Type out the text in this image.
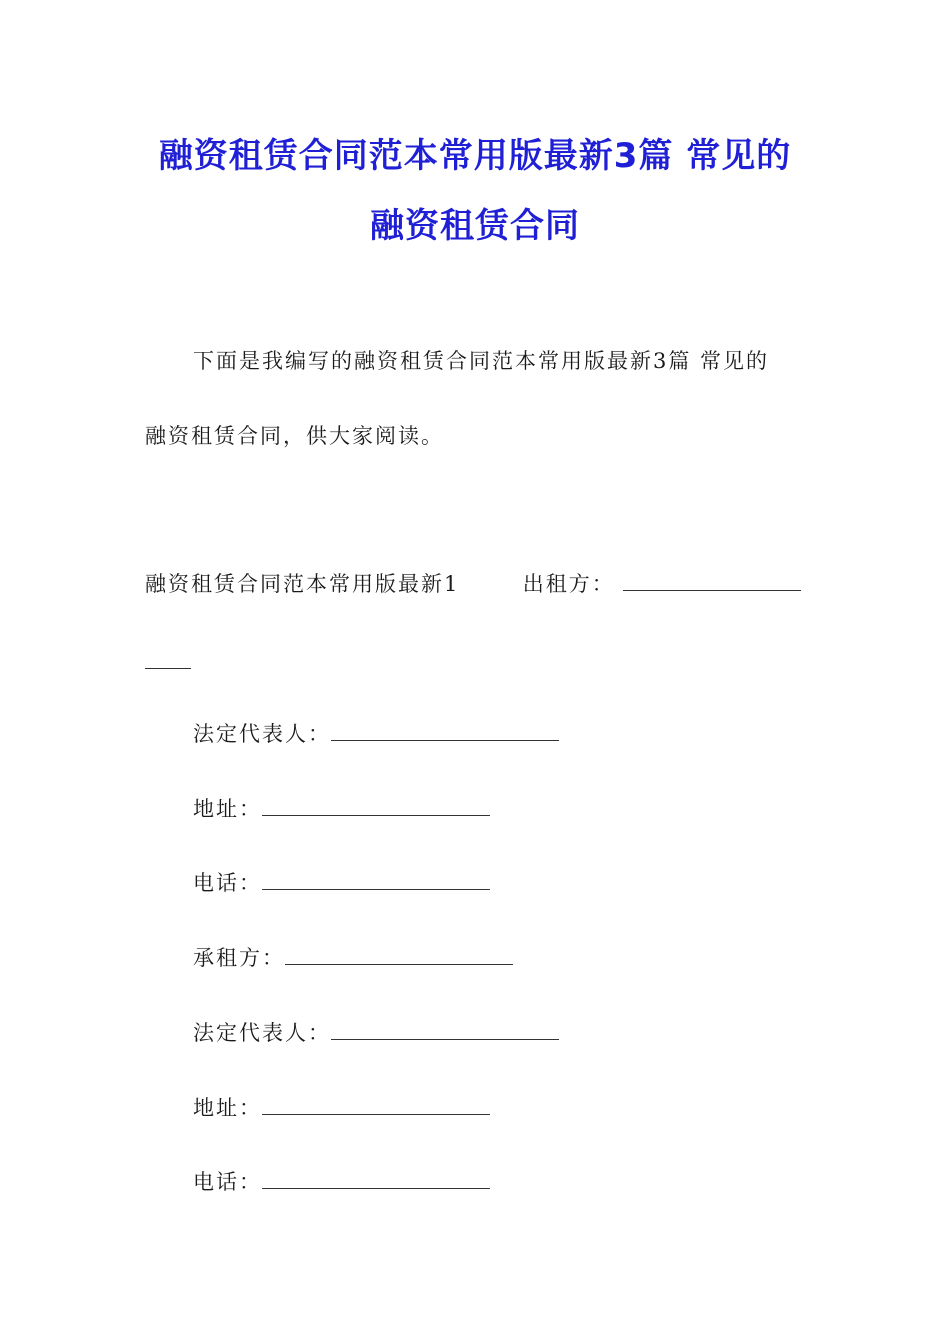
融资租赁合同范本常用版最新3篇 常见的
融资租赁合同
下面是我编写的融资租赁合同范本常用版最新3篇 常见的
融资租赁合同，供大家阅读。
融资租赁合同范本常用版最新1	出租方：
法定代表人：
地址：
电话：
承租方：
法定代表人：
地址：
电话：
